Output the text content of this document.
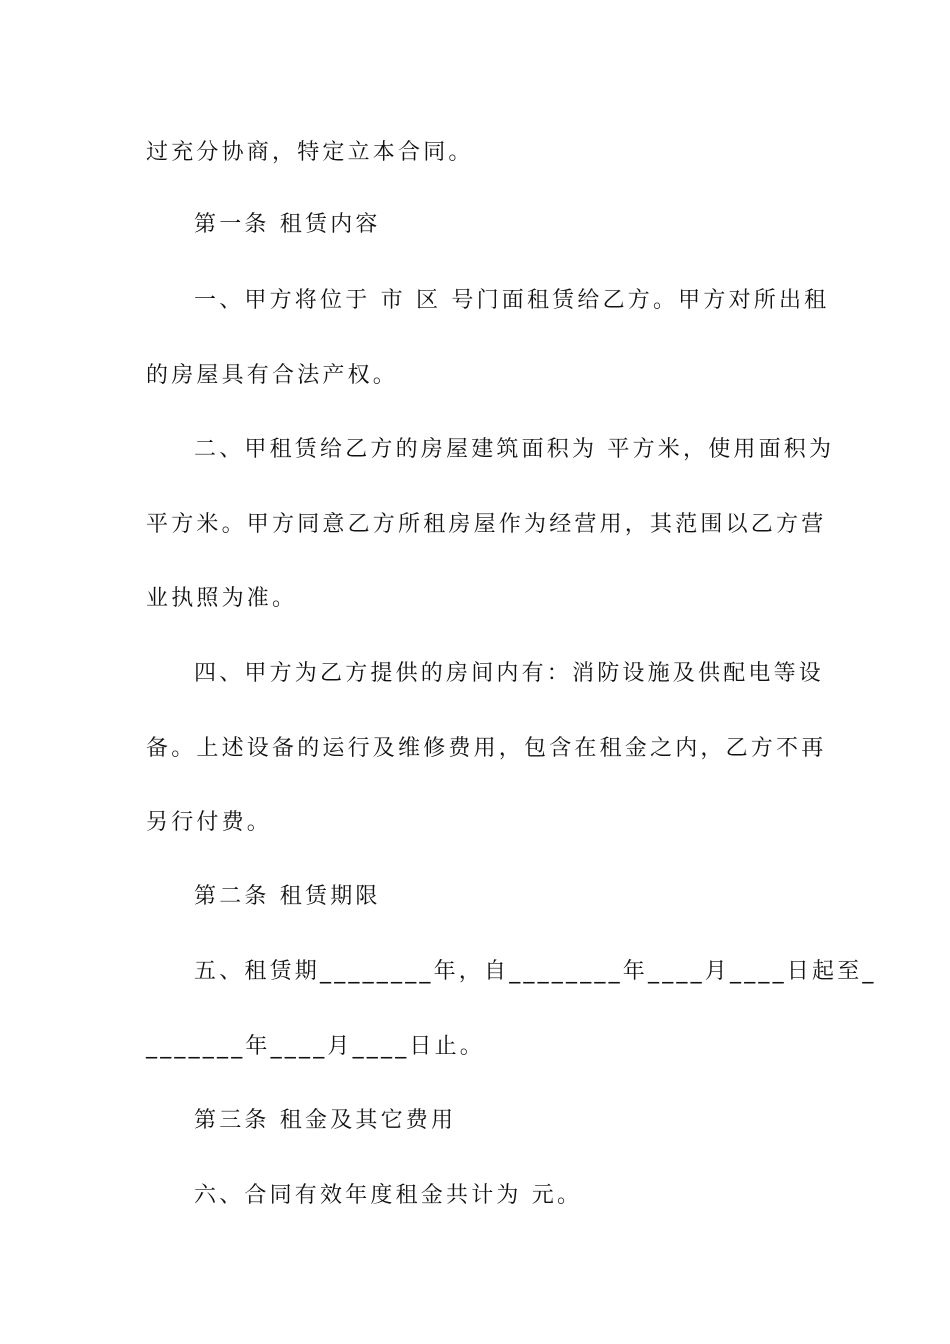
过充分协商，特定立本合同。
第一条 租赁内容
一、甲方将位于 市 区 号门面租赁给乙方。甲方对所出租
的房屋具有合法产权。
二、甲租赁给乙方的房屋建筑面积为 平方米，使用面积为
平方米。甲方同意乙方所租房屋作为经营用，其范围以乙方营
业执照为准。
四、甲方为乙方提供的房间内有：消防设施及供配电等设
备。上述设备的运行及维修费用，包含在租金之内，乙方不再
另行付费。
第二条 租赁期限
五、租赁期________年，自________年____月____日起至_
_______年____月____日止。
第三条 租金及其它费用
六、合同有效年度租金共计为 元。
